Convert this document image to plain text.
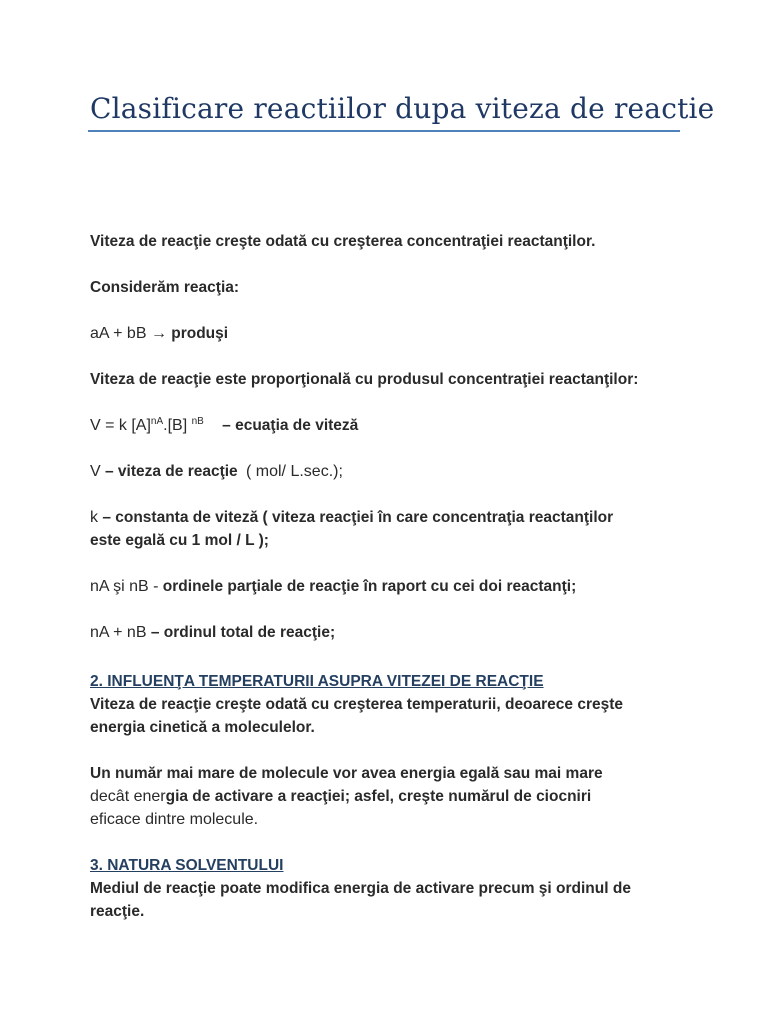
Clasificare reactiilor dupa viteza de reactie

Viteza de reacţie creşte odată cu creşterea concentraţiei reactanţilor.

Considerăm reacţia:

aA + bB → produşi

Viteza de reacţie este proporţională cu produsul concentraţiei reactanţilor:

V = k $[A]^{nA}.[B]$ $^{nB}$ – ecuaţia de viteză

V – viteza de reacţie ( mol/ L.sec.);

k – constanta de viteză ( viteza reacţiei în care concentraţia reactanţilor

este egală cu 1 mol / L );

nA şi nB - ordinele parţiale de reacţie în raport cu cei doi reactanţi;

nA + nB – ordinul total de reacţie;

2. INFLUENŢA TEMPERATURII ASUPRA VITEZEI DE REACŢIE

Viteza de reacţie creşte odată cu creşterea temperaturii, deoarece creşte

energia cinetică a moleculelor.

Un număr mai mare de molecule vor avea energia egală sau mai mare

decât energia de activare a reacţiei; asfel, creşte numărul de ciocniri

eficace dintre molecule.

3. NATURA SOLVENTULUI

Mediul de reacţie poate modifica energia de activare precum şi ordinul de

reacţie.
